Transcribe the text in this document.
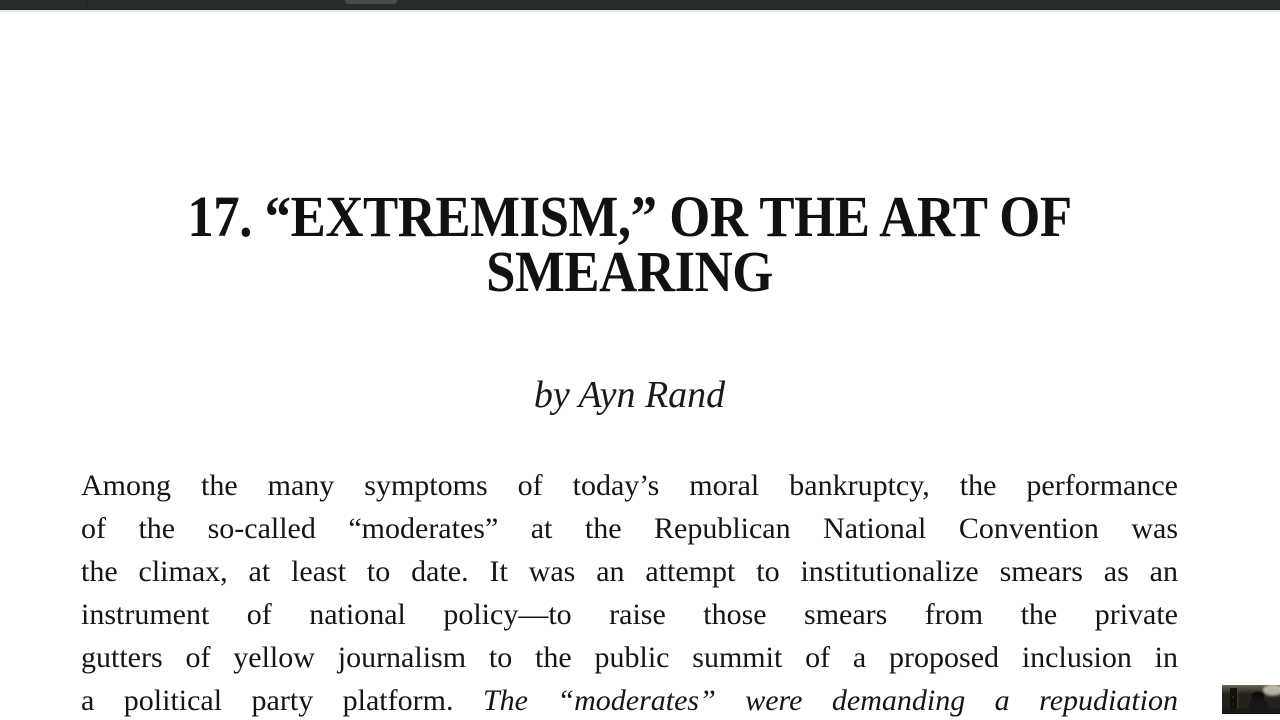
17. “EXTREMISM,” OR THE ART OF
SMEARING
by Ayn Rand
Among the many symptoms of today’s moral bankruptcy, the performance
of the so-called “moderates” at the Republican National Convention was
the climax, at least to date. It was an attempt to institutionalize smears as an
instrument of national policy—to raise those smears from the private
gutters of yellow journalism to the public summit of a proposed inclusion in
a political party platform. The “moderates” were demanding a repudiation
